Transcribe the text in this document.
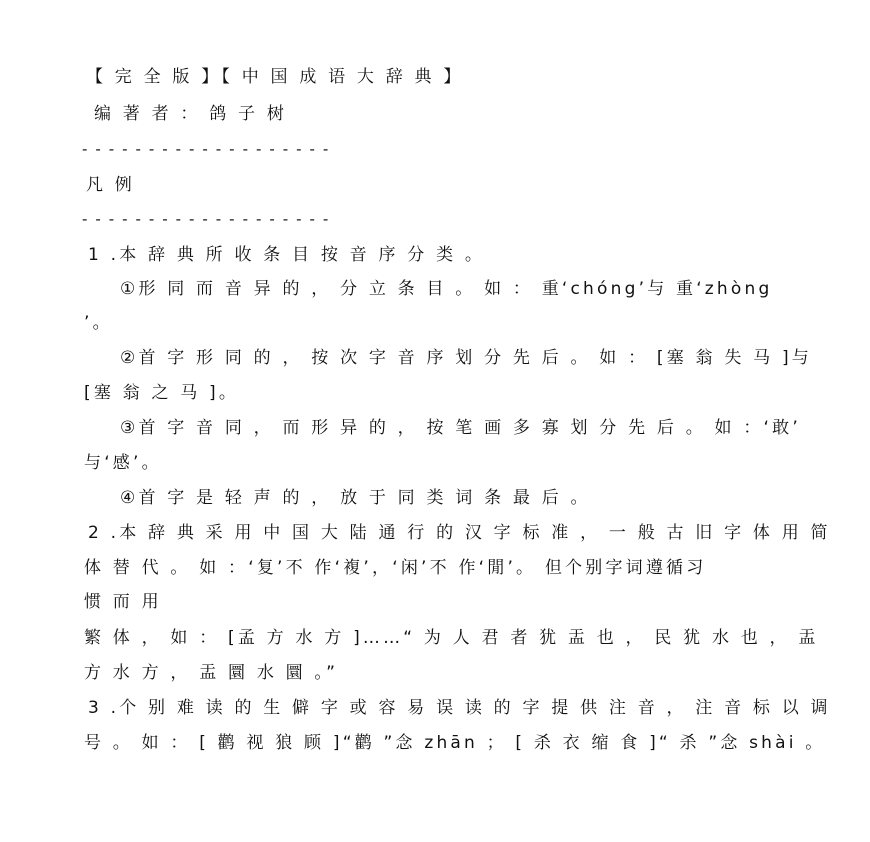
【 完 全 版 】【 中 国 成 语 大 辞 典 】
编 著 者 ： 鸽 子 树
- - - - - - - - - - - - - - - - - - -
凡 例
- - - - - - - - - - - - - - - - - - -
1 .本 辞 典 所 收 条 目 按 音 序 分 类 。
①形 同 而 音 异 的 ， 分 立 条 目 。 如 ： 重‘chóng’与 重‘zhòng
’。
②首 字 形 同 的 ， 按 次 字 音 序 划 分 先 后 。 如 ： [塞 翁 失 马 ]与
[塞 翁 之 马 ]。
③首 字 音 同 ， 而 形 异 的 ， 按 笔 画 多 寡 划 分 先 后 。 如 ：‘敢’
与‘感’。
④首 字 是 轻 声 的 ， 放 于 同 类 词 条 最 后 。
2 .本 辞 典 采 用 中 国 大 陆 通 行 的 汉 字 标 准 ， 一 般 古 旧 字 体 用 简
体 替 代 。 如 ：‘复’不 作‘複’，‘闲’不 作‘閒’。 但个别字词遵循习
惯 而 用
繁 体 ， 如 ： [孟 方 水 方 ]……“ 为 人 君 者 犹 盂 也 ， 民 犹 水 也 ， 盂
方 水 方 ， 盂 圜 水 圜 。”
3 .个 别 难 读 的 生 僻 字 或 容 易 误 读 的 字 提 供 注 音 ， 注 音 标 以 调
号 。 如 ： [ 鹳 视 狼 顾 ]“鹳 ”念 zhān ； [ 杀 衣 缩 食 ]“ 杀 ”念 shài 。
